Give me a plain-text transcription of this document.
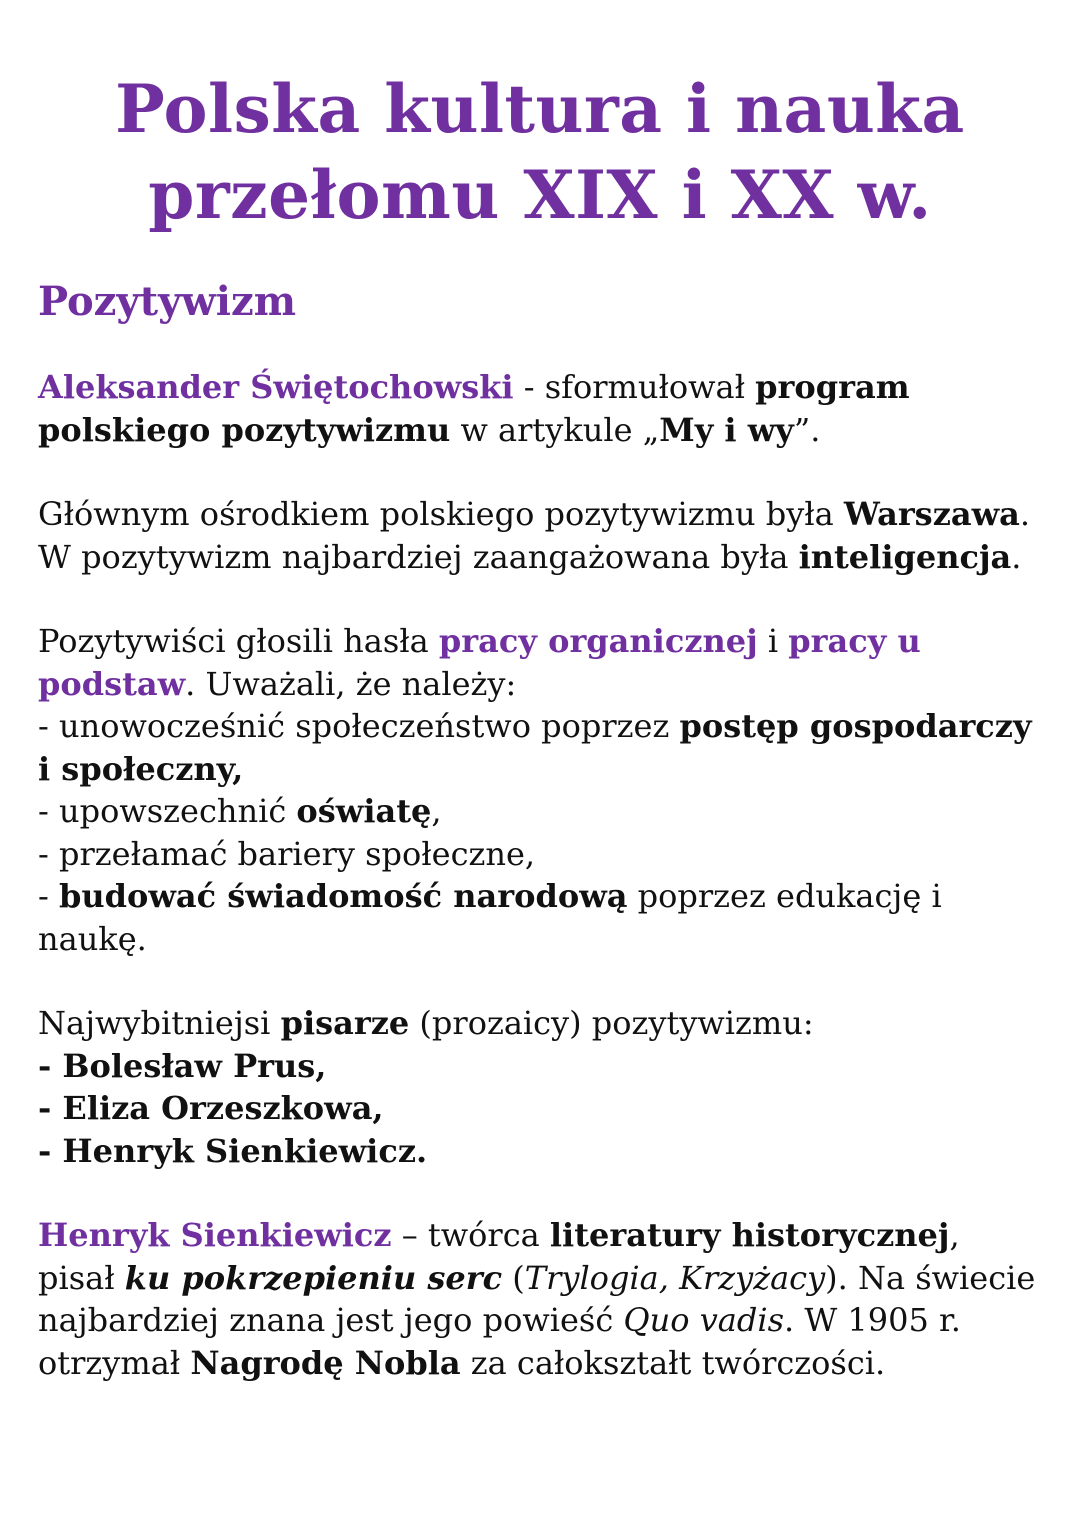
Polska kultura i nauka
przełomu XIX i XX w.
Pozytywizm

Aleksander Świętochowski - sformułował program polskiego pozytywizmu w artykule „My i wy”.

Głównym ośrodkiem polskiego pozytywizmu była Warszawa. W pozytywizm najbardziej zaangażowana była inteligencja.

Pozytywiści głosili hasła pracy organicznej i pracy u podstaw. Uważali, że należy:
- unowocześnić społeczeństwo poprzez postęp gospodarczy i społeczny,
- upowszechnić oświatę,
- przełamać bariery społeczne,
- budować świadomość narodową poprzez edukację i naukę.

Najwybitniejsi pisarze (prozaicy) pozytywizmu:
- Bolesław Prus,
- Eliza Orzeszkowa,
- Henryk Sienkiewicz.

Henryk Sienkiewicz – twórca literatury historycznej, pisał ku pokrzepieniu serc (Trylogia, Krzyżacy). Na świecie najbardziej znana jest jego powieść Quo vadis. W 1905 r. otrzymał Nagrodę Nobla za całokształt twórczości.
